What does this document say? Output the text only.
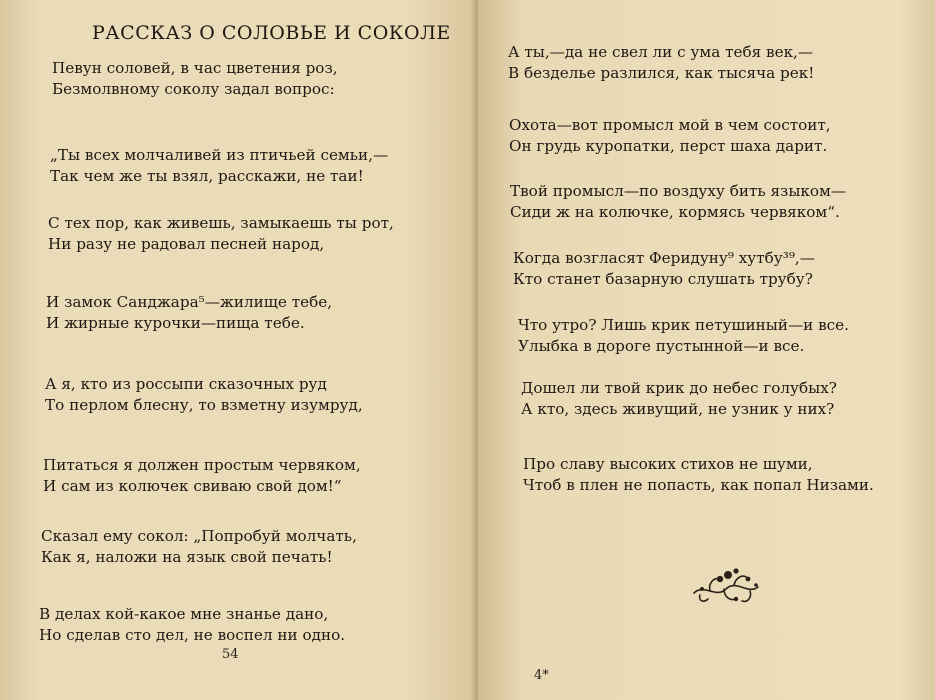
РАССКАЗ О СОЛОВЬЕ И СОКОЛЕ

Певун соловей, в час цветения роз,
Безмолвному соколу задал вопрос:

„Ты всех молчаливей из птичьей семьи,—
Так чем же ты взял, расскажи, не таи!

С тех пор, как живешь, замыкаешь ты рот,
Ни разу не радовал песней народ,

И замок Санджара⁵—жилище тебе,
И жирные курочки—пища тебе.

А я, кто из россыпи сказочных руд
То перлом блесну, то взметну изумруд,

Питаться я должен простым червяком,
И сам из колючек свиваю свой дом!“

Сказал ему сокол: „Попробуй молчать,
Как я, наложи на язык свой печать!

В делах кой-какое мне знанье дано,
Но сделав сто дел, не воспел ни одно.

54

А ты,—да не свел ли с ума тебя век,—
В безделье разлился, как тысяча рек!

Охота—вот промысл мой в чем состоит,
Он грудь куропатки, перст шаха дарит.

Твой промысл—по воздуху бить языком—
Сиди ж на колючке, кормясь червяком“.

Когда возгласят Феридуну⁹ хутбу³⁹,—
Кто станет базарную слушать трубу?

Что утро? Лишь крик петушиный—и все.
Улыбка в дороге пустынной—и все.

Дошел ли твой крик до небес голубых?
А кто, здесь живущий, не узник у них?

Про славу высоких стихов не шуми,
Чтоб в плен не попасть, как попал Низами.

4*
